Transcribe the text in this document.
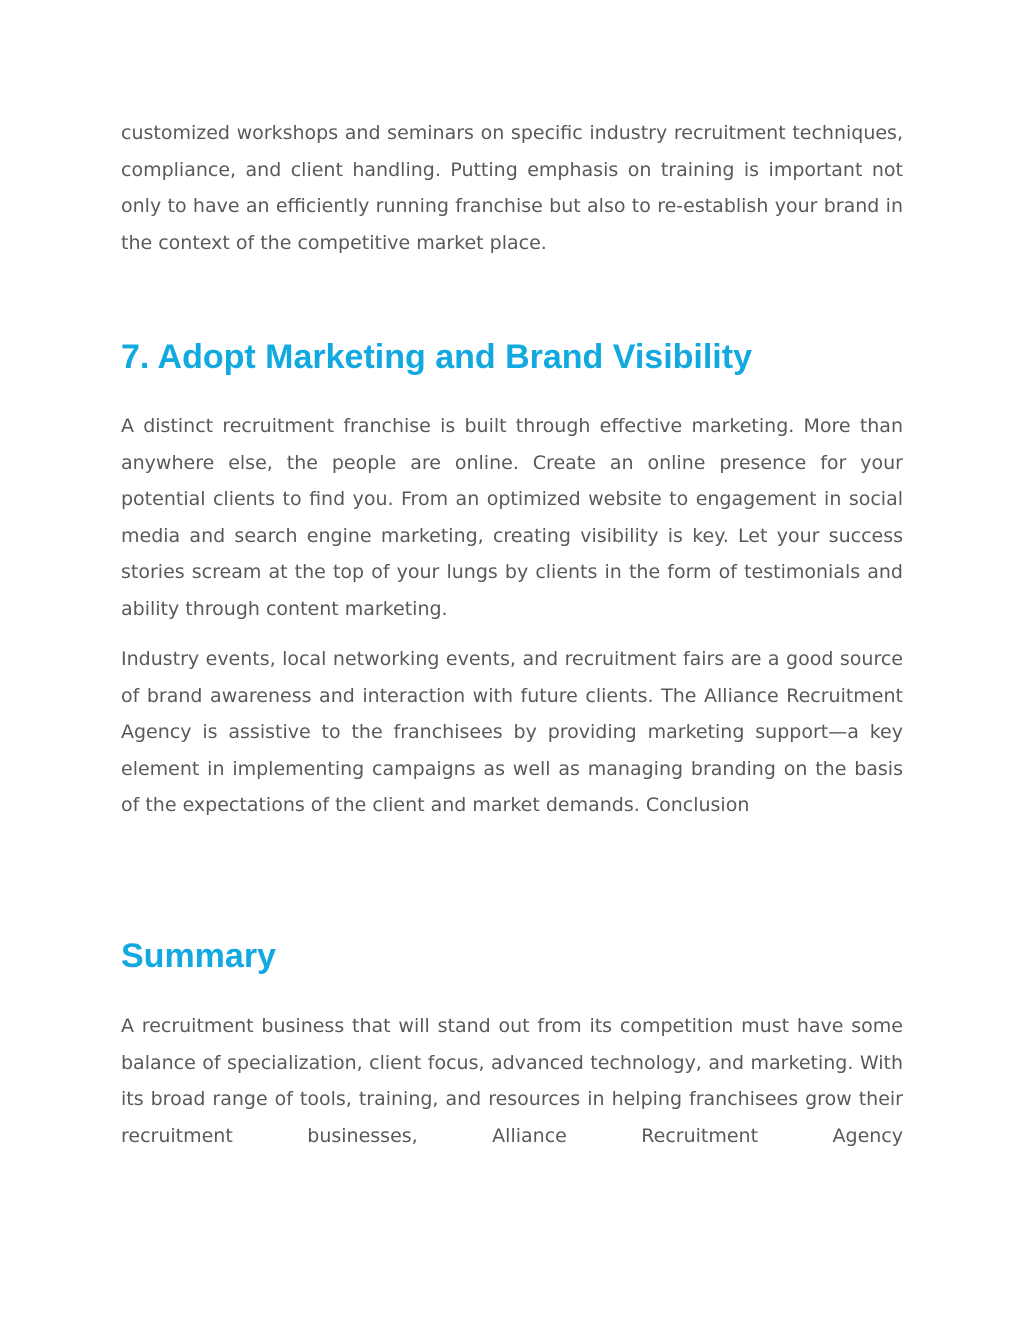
customized workshops and seminars on specific industry recruitment techniques, compliance, and client handling. Putting emphasis on training is important not only to have an efficiently running franchise but also to re-establish your brand in the context of the competitive market place.

7. Adopt Marketing and Brand Visibility

A distinct recruitment franchise is built through effective marketing. More than anywhere else, the people are online. Create an online presence for your potential clients to find you. From an optimized website to engagement in social media and search engine marketing, creating visibility is key. Let your success stories scream at the top of your lungs by clients in the form of testimonials and ability through content marketing.

Industry events, local networking events, and recruitment fairs are a good source of brand awareness and interaction with future clients. The Alliance Recruitment Agency is assistive to the franchisees by providing marketing support—a key element in implementing campaigns as well as managing branding on the basis of the expectations of the client and market demands. Conclusion

Summary

A recruitment business that will stand out from its competition must have some balance of specialization, client focus, advanced technology, and marketing. With its broad range of tools, training, and resources in helping franchisees grow their recruitment businesses, Alliance Recruitment Agency
